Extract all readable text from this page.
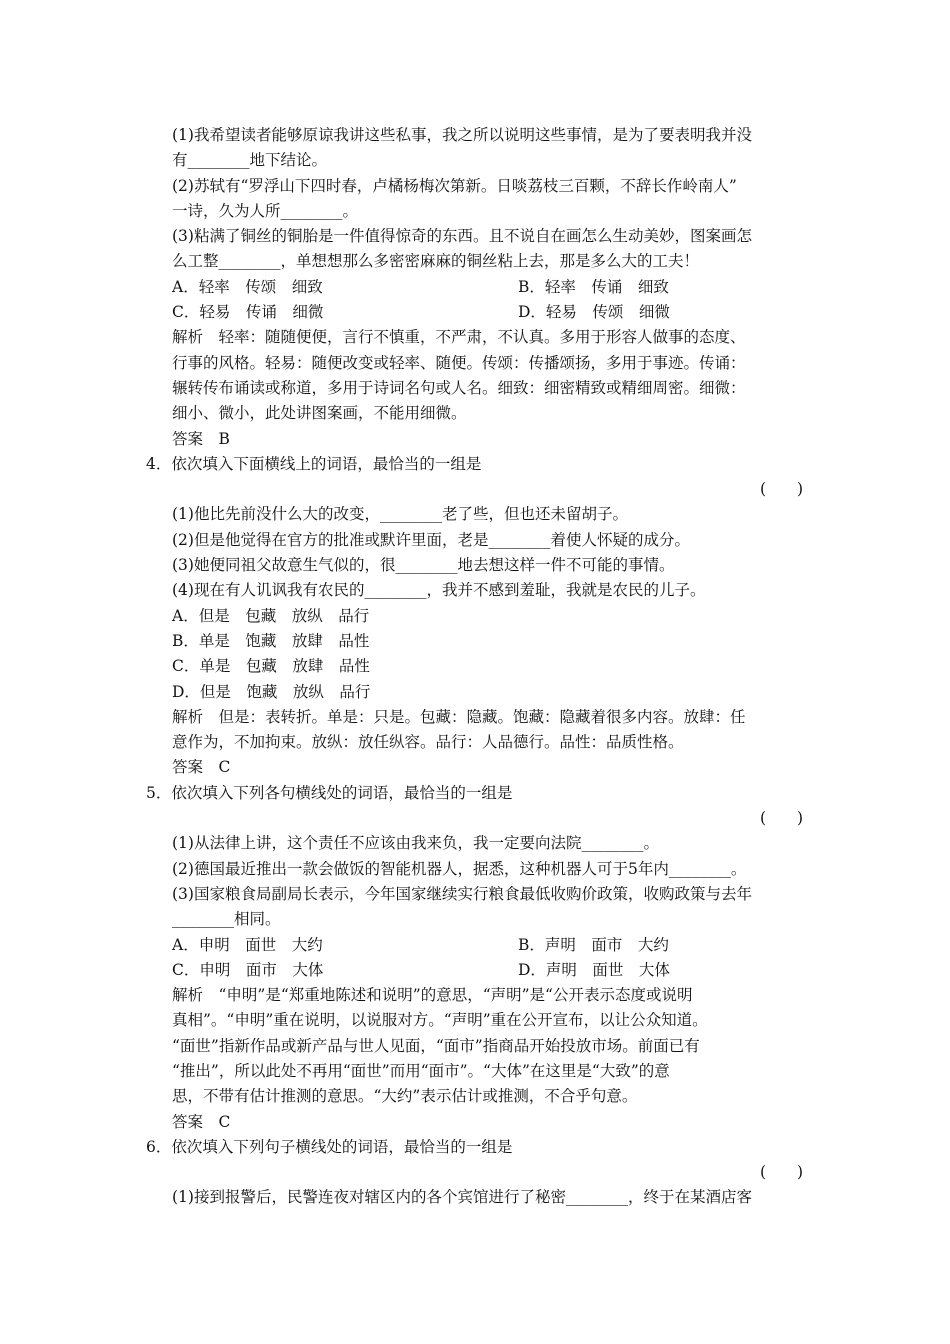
(1)我希望读者能够原谅我讲这些私事，我之所以说明这些事情，是为了要表明我并没
有________地下结论。
(2)苏轼有“罗浮山下四时春，卢橘杨梅次第新。日啖荔枝三百颗，不辞长作岭南人”
一诗，久为人所________。
(3)粘满了铜丝的铜胎是一件值得惊奇的东西。且不说自在画怎么生动美妙，图案画怎
么工整________，单想想那么多密密麻麻的铜丝粘上去，那是多么大的工夫！
A．轻率　传颂　细致	B．轻率　传诵　细致
C．轻易　传诵　细微	D．轻易　传颂　细微
解析　轻率：随随便便，言行不慎重，不严肃，不认真。多用于形容人做事的态度、
行事的风格。轻易：随便改变或轻率、随便。传颂：传播颂扬，多用于事迹。传诵：
辗转传布诵读或称道，多用于诗词名句或人名。细致：细密精致或精细周密。细微：
细小、微小，此处讲图案画，不能用细微。
答案　B
4．依次填入下面横线上的词语，最恰当的一组是
(　　)
(1)他比先前没什么大的改变，________老了些，但也还未留胡子。
(2)但是他觉得在官方的批准或默许里面，老是________着使人怀疑的成分。
(3)她便同祖父故意生气似的，很________地去想这样一件不可能的事情。
(4)现在有人讥讽我有农民的________，我并不感到羞耻，我就是农民的儿子。
A．但是　包藏　放纵　品行
B．单是　饱藏　放肆　品性
C．单是　包藏　放肆　品性
D．但是　饱藏　放纵　品行
解析　但是：表转折。单是：只是。包藏：隐藏。饱藏：隐藏着很多内容。放肆：任
意作为，不加拘束。放纵：放任纵容。品行：人品德行。品性：品质性格。
答案　C
5．依次填入下列各句横线处的词语，最恰当的一组是
(　　)
(1)从法律上讲，这个责任不应该由我来负，我一定要向法院________。
(2)德国最近推出一款会做饭的智能机器人，据悉，这种机器人可于5年内________。
(3)国家粮食局副局长表示，今年国家继续实行粮食最低收购价政策，收购政策与去年
________相同。
A．申明　面世　大约	B．声明　面市　大约
C．申明　面市　大体	D．声明　面世　大体
解析　“申明”是“郑重地陈述和说明”的意思，“声明”是“公开表示态度或说明
真相”。“申明”重在说明，以说服对方。“声明”重在公开宣布，以让公众知道。
“面世”指新作品或新产品与世人见面，“面市”指商品开始投放市场。前面已有
“推出”，所以此处不再用“面世”而用“面市”。“大体”在这里是“大致”的意
思，不带有估计推测的意思。“大约”表示估计或推测，不合乎句意。
答案　C
6．依次填入下列句子横线处的词语，最恰当的一组是
(　　)
(1)接到报警后，民警连夜对辖区内的各个宾馆进行了秘密________，终于在某酒店客
